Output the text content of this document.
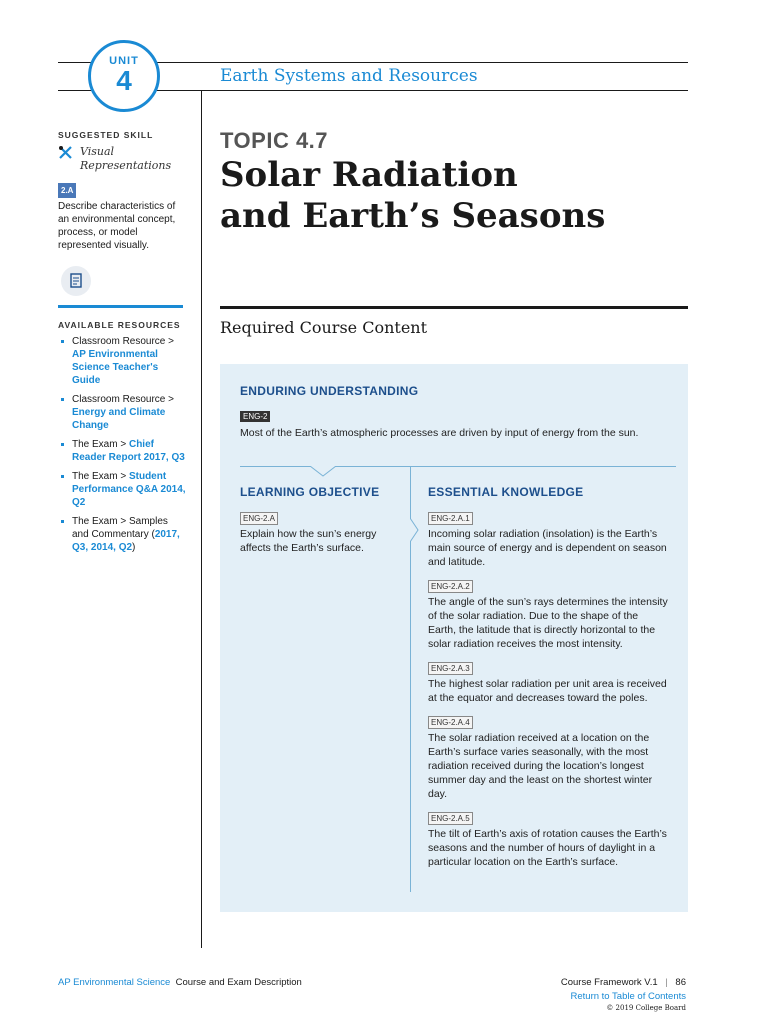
UNIT
4	Earth Systems and Resources
SUGGESTED SKILL
Visual
Representations
2.A
Describe characteristics of an environmental concept, process, or model represented visually.
AVAILABLE RESOURCES
Classroom Resource > AP Environmental Science Teacher's Guide
Classroom Resource > Energy and Climate Change
The Exam > Chief Reader Report 2017, Q3
The Exam > Student Performance Q&A 2014, Q2
The Exam > Samples and Commentary (2017, Q3, 2014, Q2)
TOPIC 4.7
Solar Radiation
and Earth’s Seasons
Required Course Content
ENDURING UNDERSTANDING
ENG-2
Most of the Earth’s atmospheric processes are driven by input of energy from the sun.
LEARNING OBJECTIVE
ENG-2.A
Explain how the sun’s energy affects the Earth’s surface.
ESSENTIAL KNOWLEDGE
ENG-2.A.1
Incoming solar radiation (insolation) is the Earth’s main source of energy and is dependent on season and latitude.
ENG-2.A.2
The angle of the sun’s rays determines the intensity of the solar radiation. Due to the shape of the Earth, the latitude that is directly horizontal to the solar radiation receives the most intensity.
ENG-2.A.3
The highest solar radiation per unit area is received at the equator and decreases toward the poles.
ENG-2.A.4
The solar radiation received at a location on the Earth’s surface varies seasonally, with the most radiation received during the location’s longest summer day and the least on the shortest winter day.
ENG-2.A.5
The tilt of Earth’s axis of rotation causes the Earth’s seasons and the number of hours of daylight in a particular location on the Earth’s surface.
AP Environmental Science Course and Exam Description	Course Framework V.1 | 86
Return to Table of Contents
© 2019 College Board
